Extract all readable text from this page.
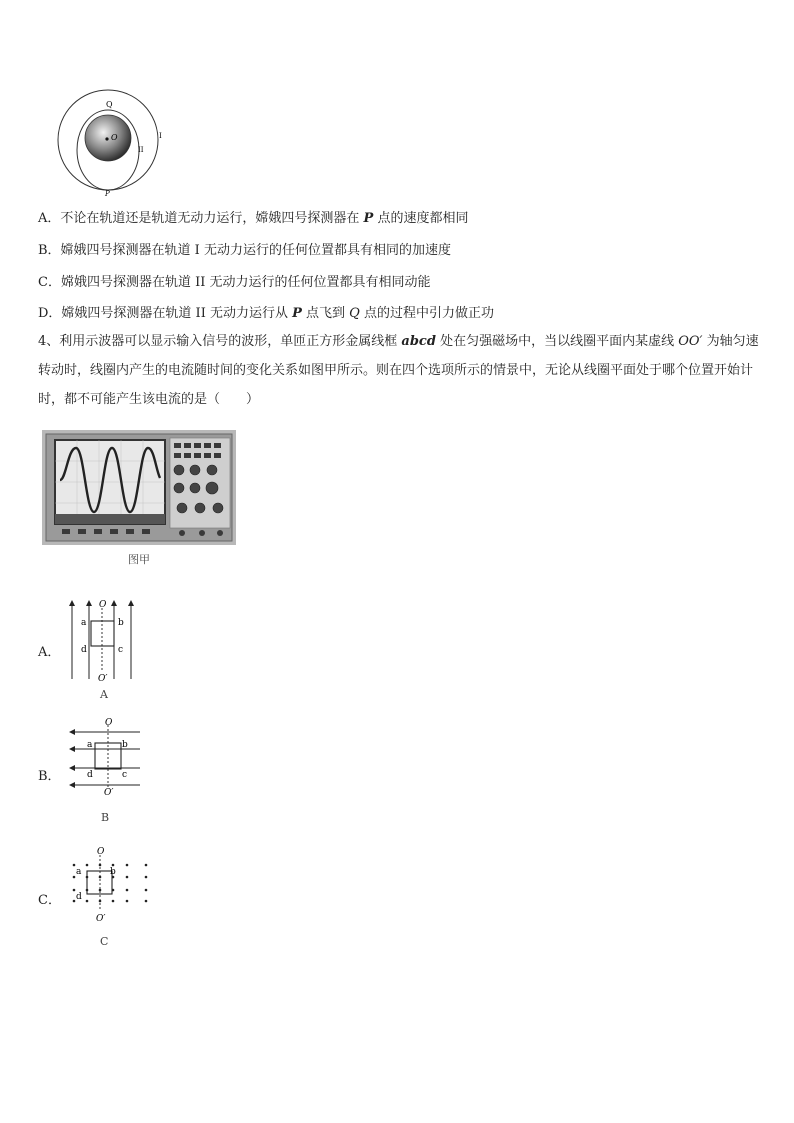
Q
O
P
II
I
A．不论在轨道还是轨道无动力运行，嫦娥四号探测器在 P 点的速度都相同
B．嫦娥四号探测器在轨道 I 无动力运行的任何位置都具有相同的加速度
C．嫦娥四号探测器在轨道 II 无动力运行的任何位置都具有相同动能
D．嫦娥四号探测器在轨道 II 无动力运行从 P 点飞到 Q 点的过程中引力做正功
4、利用示波器可以显示输入信号的波形，单匝正方形金属线框 abcd 处在匀强磁场中，当以线圈平面内某虚线 OO′ 为轴匀速转动时，线圈内产生的电流随时间的变化关系如图甲所示。则在四个选项所示的情景中，无论从线圈平面处于哪个位置开始计时，都不可能产生该电流的是（　　）
图甲
A．
O
O′
a	b
c
d
A
B．
O
O′
a	b
c
d
B
C．
O
O′
a	b
d
C
